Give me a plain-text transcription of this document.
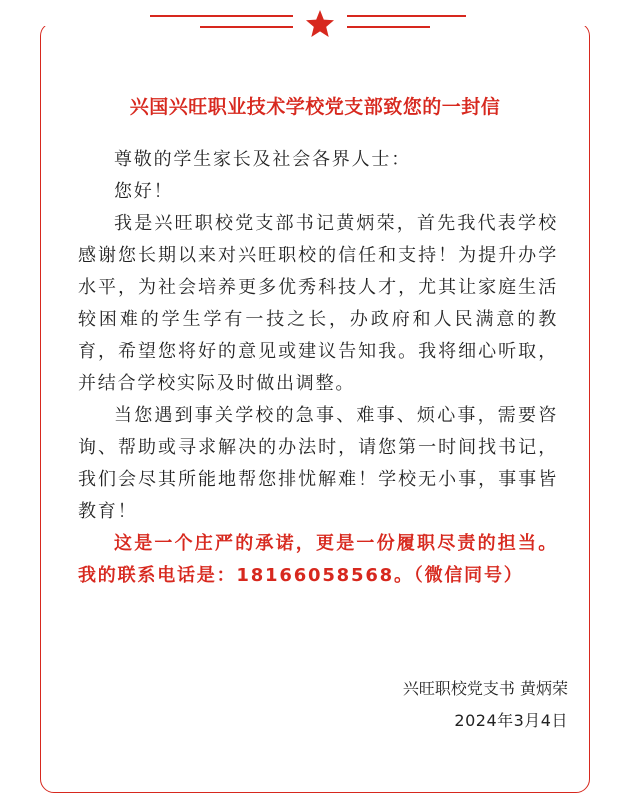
兴国兴旺职业技术学校党支部致您的一封信

尊敬的学生家长及社会各界人士：

您好！

我是兴旺职校党支部书记黄炳荣，首先我代表学校感谢您长期以来对兴旺职校的信任和支持！为提升办学水平，为社会培养更多优秀科技人才，尤其让家庭生活较困难的学生学有一技之长，办政府和人民满意的教育，希望您将好的意见或建议告知我。我将细心听取，并结合学校实际及时做出调整。

当您遇到事关学校的急事、难事、烦心事，需要咨询、帮助或寻求解决的办法时，请您第一时间找书记，我们会尽其所能地帮您排忧解难！学校无小事，事事皆教育！

这是一个庄严的承诺，更是一份履职尽责的担当。我的联系电话是：18166058568。（微信同号）

兴旺职校党支书 黄炳荣
2024年3月4日
